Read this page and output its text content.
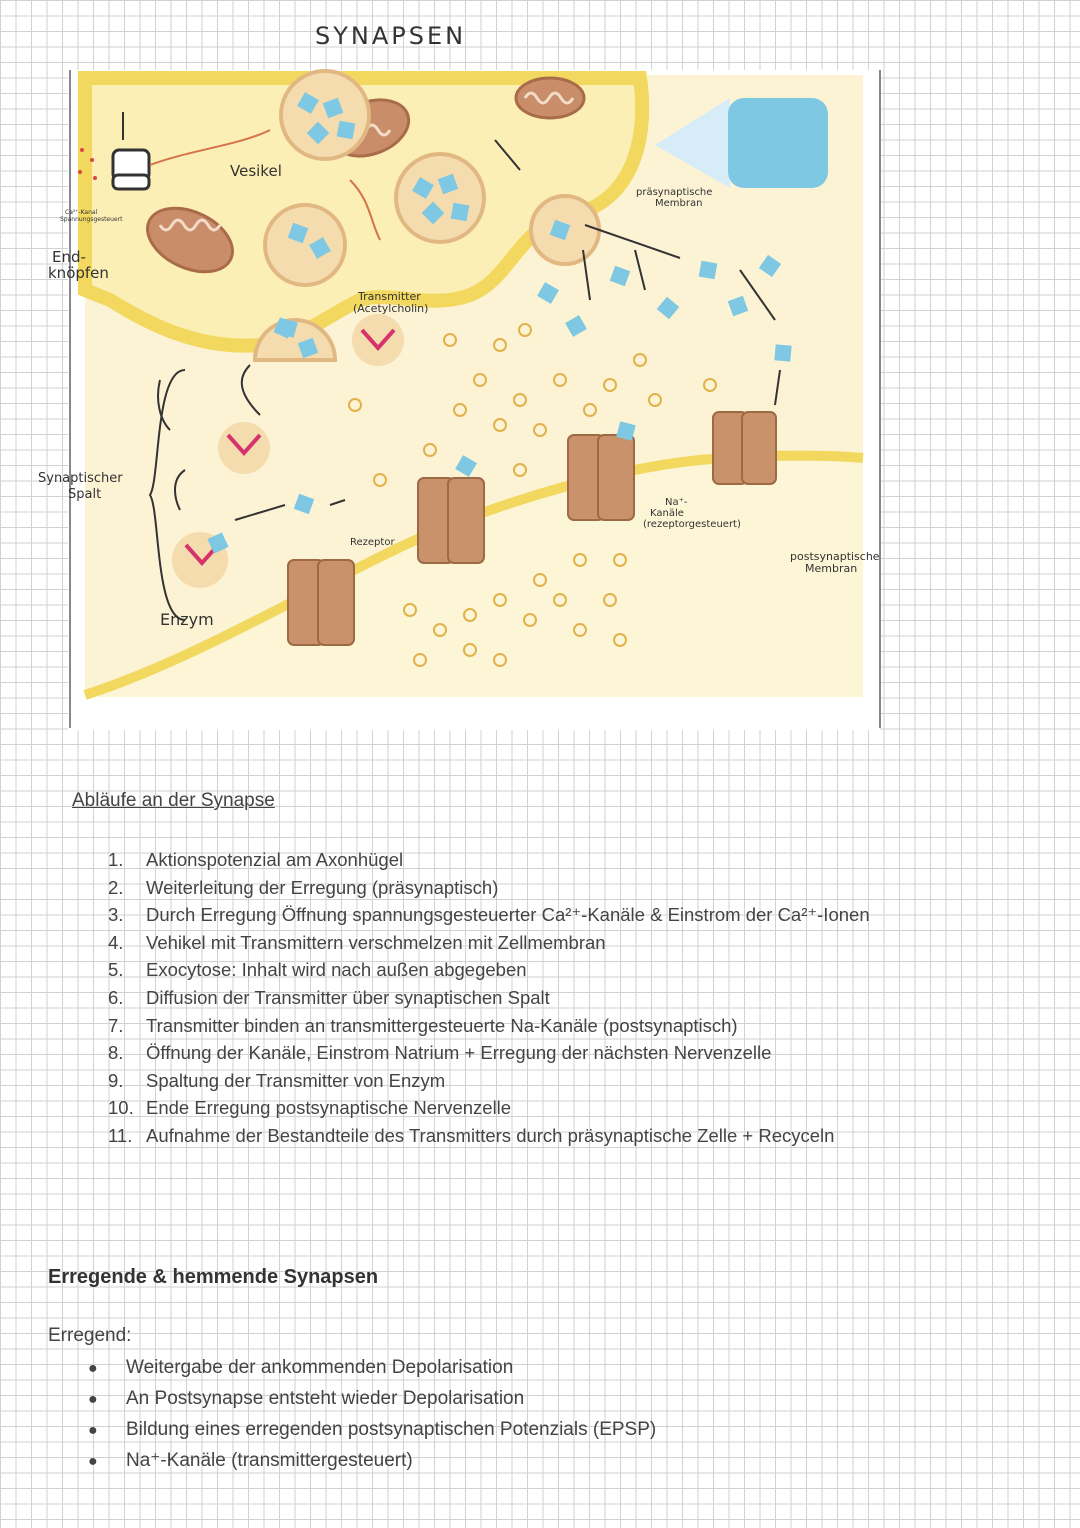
SYNAPSEN
End- knöpfen
Ca²⁺-Kanal Spannungsgesteuert
Vesikel
Transmitter (Acetylcholin)
präsynaptische Membran
Synaptischer Spalt
Rezeptor
Na⁺- Kanäle (rezeptorgesteuert)
postsynaptische Membran
Enzym
Abläufe an der Synapse
1. Aktionspotenzial am Axonhügel
2. Weiterleitung der Erregung (präsynaptisch)
3. Durch Erregung Öffnung spannungsgesteuerter Ca²⁺-Kanäle & Einstrom der Ca²⁺-Ionen
4. Vehikel mit Transmittern verschmelzen mit Zellmembran
5. Exocytose: Inhalt wird nach außen abgegeben
6. Diffusion der Transmitter über synaptischen Spalt
7. Transmitter binden an transmittergesteuerte Na-Kanäle (postsynaptisch)
8. Öffnung der Kanäle, Einstrom Natrium + Erregung der nächsten Nervenzelle
9. Spaltung der Transmitter von Enzym
10. Ende Erregung postsynaptische Nervenzelle
11. Aufnahme der Bestandteile des Transmitters durch präsynaptische Zelle + Recyceln
Erregende & hemmende Synapsen
Erregend:
● Weitergabe der ankommenden Depolarisation
● An Postsynapse entsteht wieder Depolarisation
● Bildung eines erregenden postsynaptischen Potenzials (EPSP)
● Na⁺-Kanäle (transmittergesteuert)
